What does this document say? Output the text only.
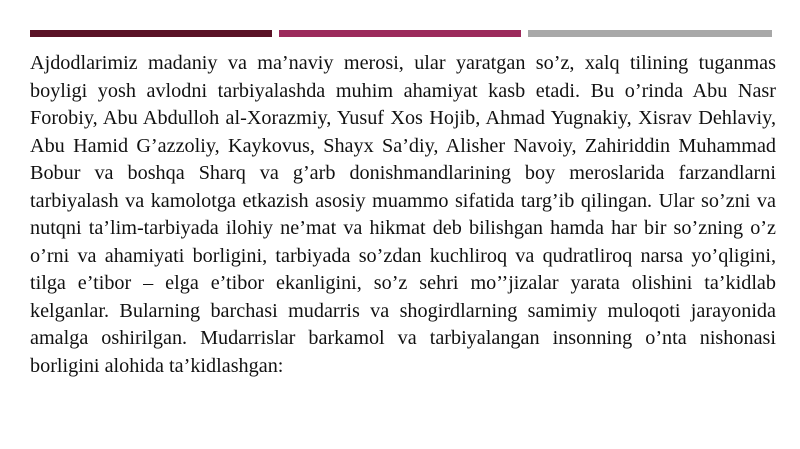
Ajdodlarimiz madaniy va ma’naviy merosi, ular yaratgan so’z, xalq tilining tuganmas boyligi yosh avlodni tarbiyalashda muhim ahamiyat kasb etadi. Bu o’rinda Abu Nasr Forobiy, Abu Abdulloh al-Xorazmiy, Yusuf Xos Hojib, Ahmad Yugnakiy, Xisrav Dehlaviy, Abu Hamid G’azzoliy, Kaykovus, Shayx Sa’diy, Alisher Navoiy, Zahiriddin Muhammad Bobur va boshqa Sharq va g’arb donishmandlarining boy meroslarida farzandlarni tarbiyalash va kamolotga etkazish asosiy muammo sifatida targ’ib qilingan. Ular so’zni va nutqni ta’lim-tarbiyada ilohiy ne’mat va hikmat deb bilishgan hamda har bir so’zning o’z o’rni va ahamiyati borligini, tarbiyada so’zdan kuchliroq va qudratliroq narsa yo’qligini, tilga e’tibor – elga e’tibor ekanligini, so’z sehri mo’’jizalar yarata olishini ta’kidlab kelganlar. Bularning barchasi mudarris va shogirdlarning samimiy muloqoti jarayonida amalga oshirilgan. Mudarrislar barkamol va tarbiyalangan insonning o’nta nishonasi borligini alohida ta’kidlashgan:
